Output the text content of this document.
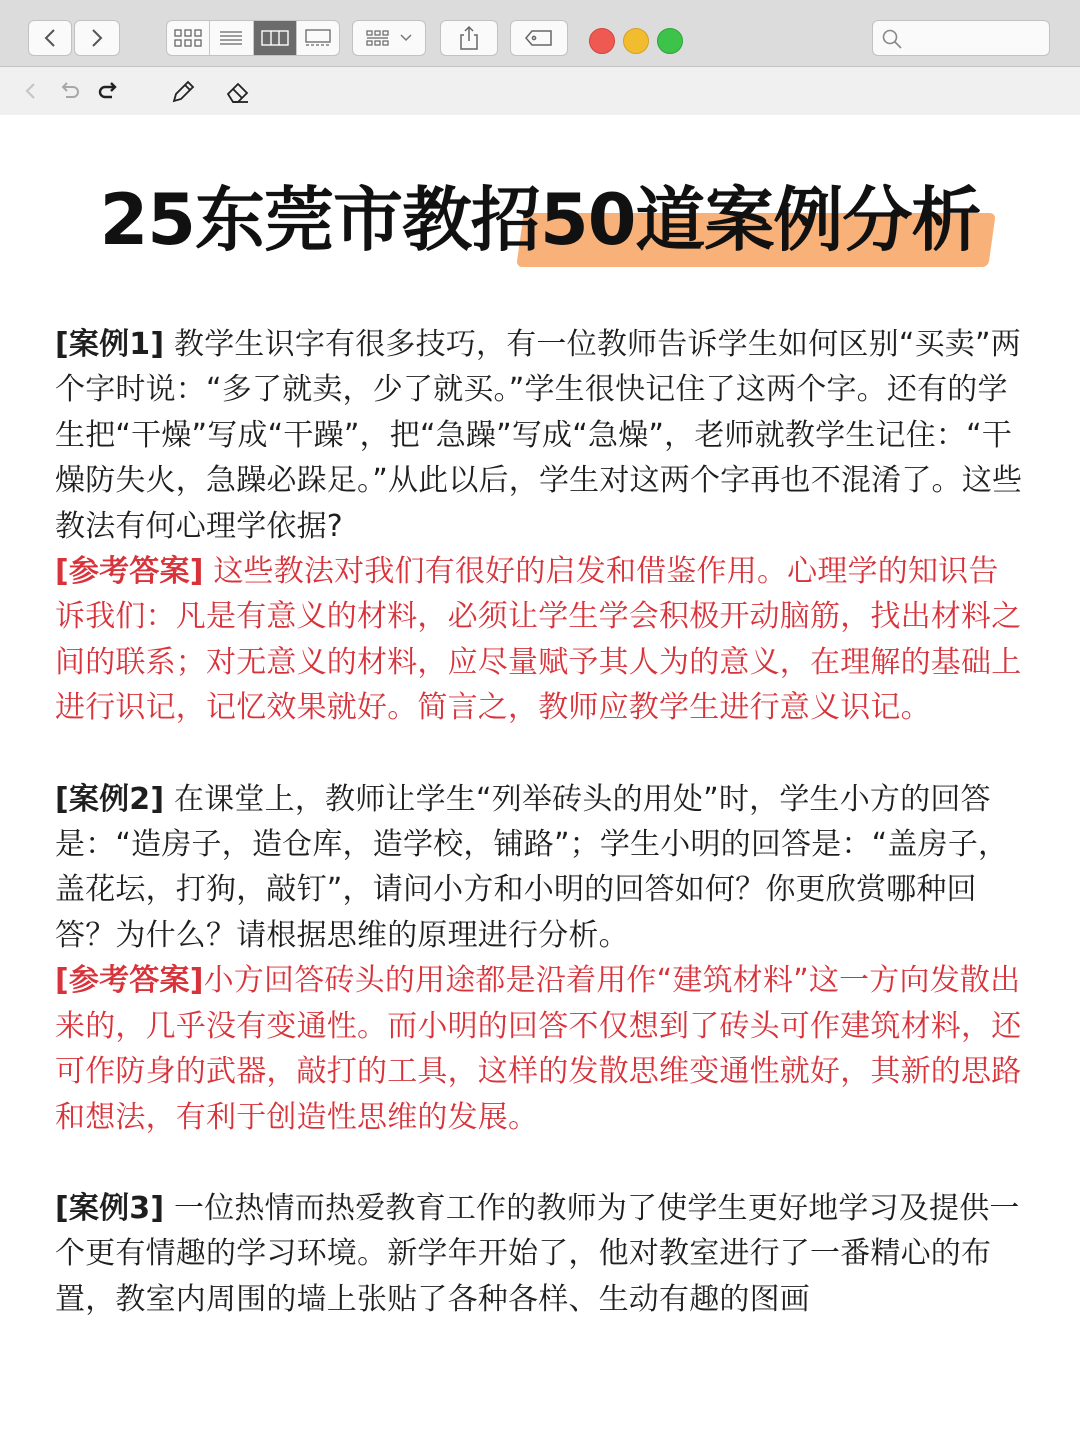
25东莞市教招50道案例分析

[案例1] 教学生识字有很多技巧，有一位教师告诉学生如何区别“买卖”两个字时说：“多了就卖，少了就买。”学生很快记住了这两个字。还有的学生把“干燥”写成“干躁”，把“急躁”写成“急燥”，老师就教学生记住：“干燥防失火，急躁必跺足。”从此以后，学生对这两个字再也不混淆了。这些教法有何心理学依据?

[参考答案] 这些教法对我们有很好的启发和借鉴作用。心理学的知识告诉我们：凡是有意义的材料，必须让学生学会积极开动脑筋，找出材料之间的联系；对无意义的材料，应尽量赋予其人为的意义，在理解的基础上进行识记，记忆效果就好。简言之，教师应教学生进行意义识记。

[案例2] 在课堂上，教师让学生“列举砖头的用处”时，学生小方的回答是：“造房子，造仓库，造学校，铺路”；学生小明的回答是：“盖房子，盖花坛，打狗，敲钉”，请问小方和小明的回答如何？你更欣赏哪种回答？为什么？请根据思维的原理进行分析。

[参考答案]小方回答砖头的用途都是沿着用作“建筑材料”这一方向发散出来的，几乎没有变通性。而小明的回答不仅想到了砖头可作建筑材料，还可作防身的武器，敲打的工具，这样的发散思维变通性就好，其新的思路和想法，有利于创造性思维的发展。

[案例3] 一位热情而热爱教育工作的教师为了使学生更好地学习及提供一个更有情趣的学习环境。新学年开始了，他对教室进行了一番精心的布置，教室内周围的墙上张贴了各种各样、生动有趣的图画
